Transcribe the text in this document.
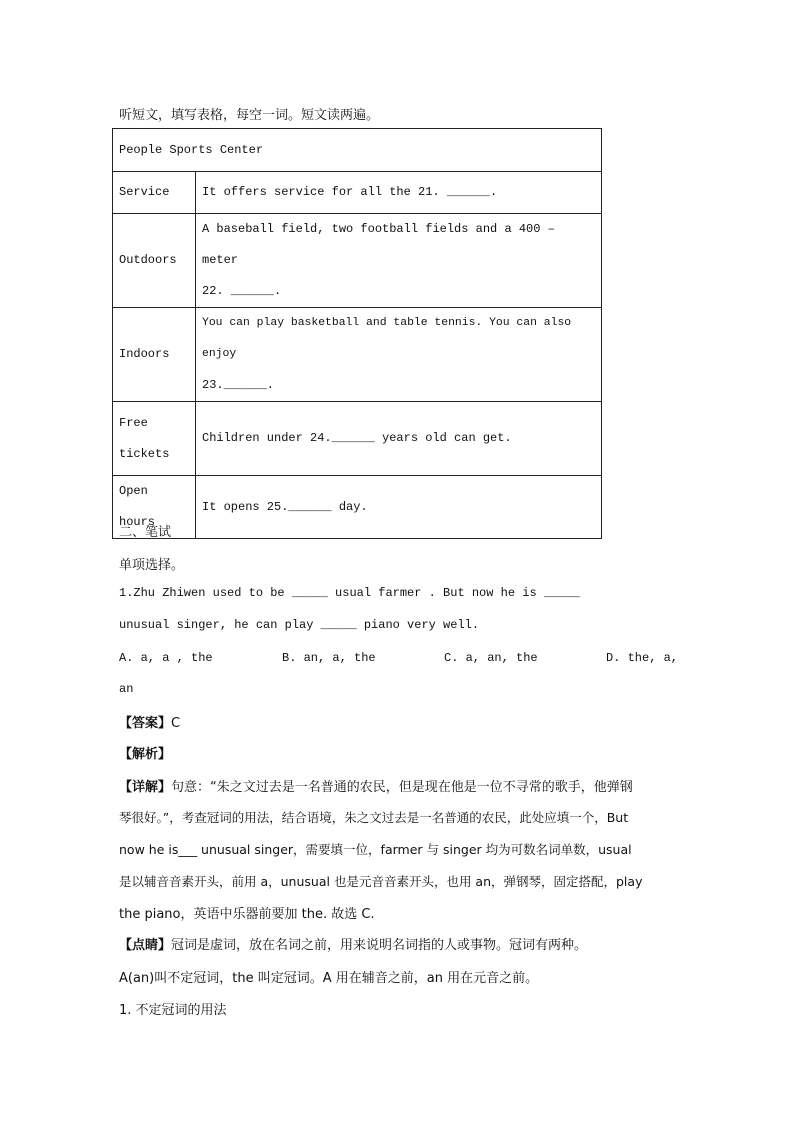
听短文，填写表格，每空一词。短文读两遍。
People Sports Center	
Service	It offers service for all the 21. ______.
Outdoors	A baseball field, two football fields and a 400 – meter
22. ______.

Indoors	You can play basketball and table tennis. You can also enjoy
23.______.

Free
tickets	Children under 24.______ years old can get.
Open hours	It opens 25.______ day.
二、笔试
单项选择。
1.Zhu Zhiwen used to be _____ usual farmer . But now he is _____
unusual singer, he can play _____ piano very well.
A. a, a , the	B. an, a, the	C. a, an, the	D. the, a,
an
【答案】C
【解析】
【详解】句意：“朱之文过去是一名普通的农民，但是现在他是一位不寻常的歌手，他弹钢
琴很好。”，考查冠词的用法，结合语境，朱之文过去是一名普通的农民，此处应填一个，But
now he is___ unusual singer，需要填一位，farmer 与 singer 均为可数名词单数，usual
是以辅音音素开头，前用 a，unusual 也是元音音素开头，也用 an，弹钢琴，固定搭配，play
the piano，英语中乐器前要加 the. 故选 C.
【点睛】冠词是虚词，放在名词之前，用来说明名词指的人或事物。冠词有两种。
A(an)叫不定冠词，the 叫定冠词。A 用在辅音之前，an 用在元音之前。
1. 不定冠词的用法
